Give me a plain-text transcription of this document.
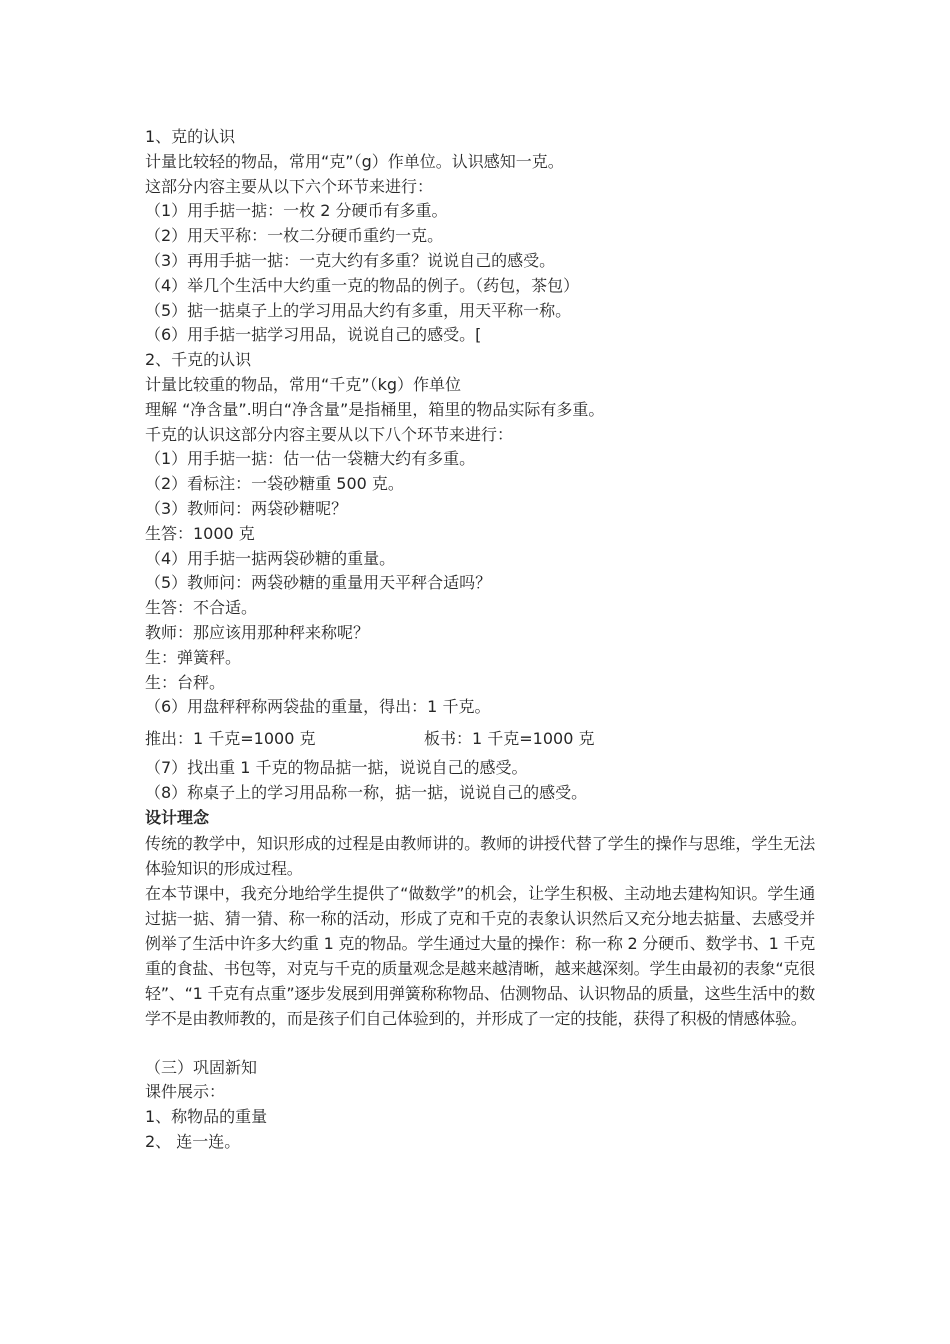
1、克的认识
计量比较轻的物品，常用“克”（g）作单位。认识感知一克。
这部分内容主要从以下六个环节来进行：
（1）用手掂一掂：一枚 2 分硬币有多重。
（2）用天平称：一枚二分硬币重约一克。
（3）再用手掂一掂：一克大约有多重？说说自己的感受。
（4）举几个生活中大约重一克的物品的例子。（药包，茶包）
（5）掂一掂桌子上的学习用品大约有多重，用天平称一称。
（6）用手掂一掂学习用品，说说自己的感受。[
2、千克的认识
计量比较重的物品，常用“千克”（kg）作单位
理解 “净含量”.明白“净含量”是指桶里，箱里的物品实际有多重。
千克的认识这部分内容主要从以下八个环节来进行：
（1）用手掂一掂：估一估一袋糖大约有多重。
（2）看标注：一袋砂糖重 500 克。
（3）教师问：两袋砂糖呢？
生答：1000 克
（4）用手掂一掂两袋砂糖的重量。
（5）教师问：两袋砂糖的重量用天平秤合适吗？
生答：不合适。
教师：那应该用那种秤来称呢？
生：弹簧秤。
生：台秤。
（6）用盘秤秤称两袋盐的重量，得出：1 千克。
推出：1 千克=1000 克	板书：1 千克=1000 克
（7）找出重 1 千克的物品掂一掂，说说自己的感受。
（8）称桌子上的学习用品称一称，掂一掂，说说自己的感受。
设计理念
传统的教学中，知识形成的过程是由教师讲的。教师的讲授代替了学生的操作与思维，学生无法体验知识的形成过程。
在本节课中，我充分地给学生提供了“做数学”的机会，让学生积极、主动地去建构知识。学生通过掂一掂、猜一猜、称一称的活动，形成了克和千克的表象认识然后又充分地去掂量、去感受并例举了生活中许多大约重 1 克的物品。学生通过大量的操作：称一称 2 分硬币、数学书、1 千克重的食盐、书包等，对克与千克的质量观念是越来越清晰，越来越深刻。学生由最初的表象“克很轻”、“1 千克有点重”逐步发展到用弹簧称称物品、估测物品、认识物品的质量，这些生活中的数学不是由教师教的，而是孩子们自己体验到的，并形成了一定的技能，获得了积极的情感体验。
（三）巩固新知
课件展示：
1、称物品的重量
2、 连一连。
